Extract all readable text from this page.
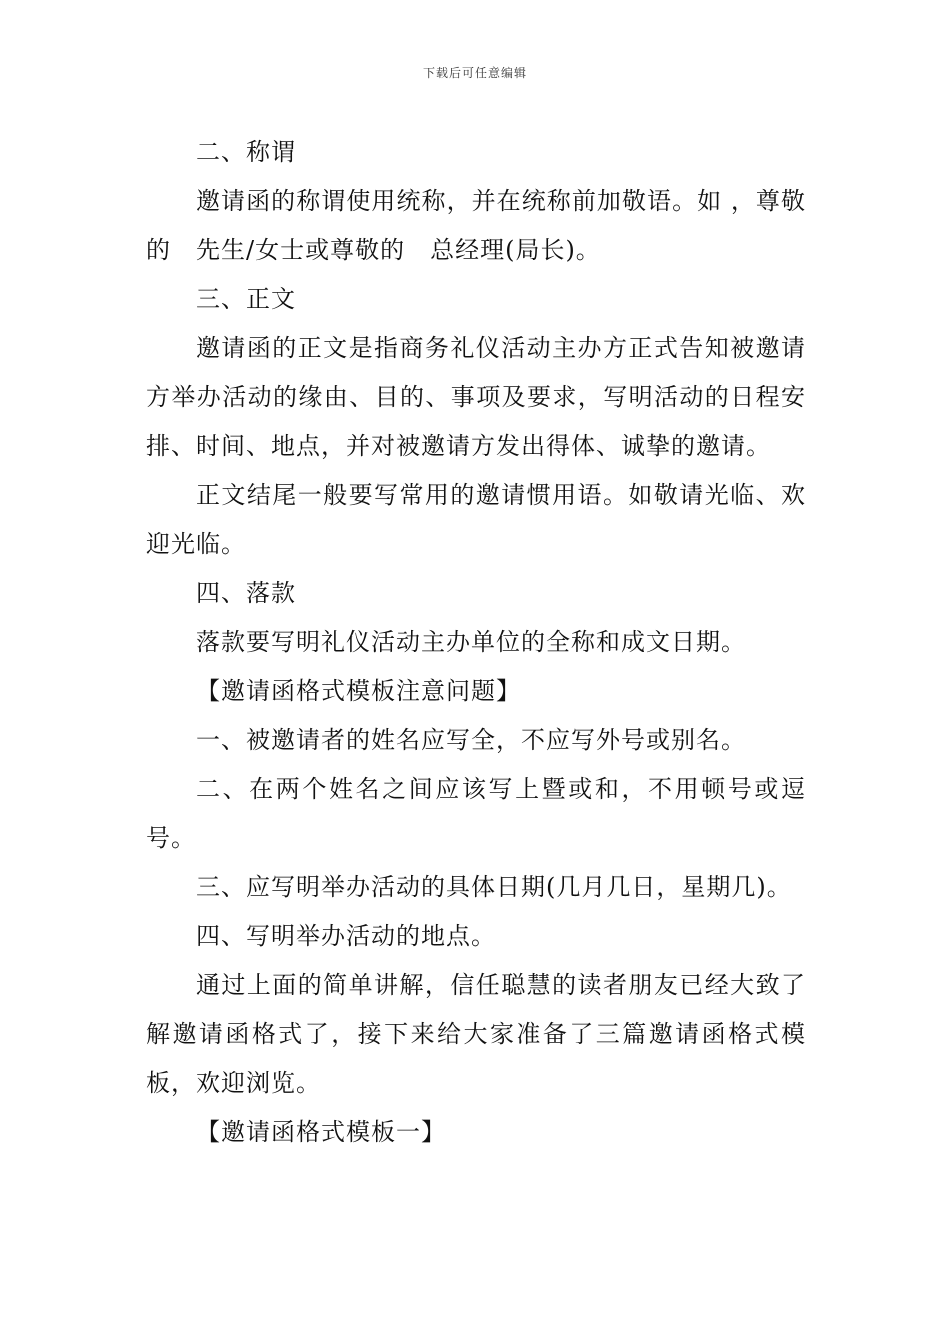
下载后可任意编辑

二、称谓

邀请函的称谓使用统称，并在统称前加敬语。如 ，尊敬的　先生/女士或尊敬的　总经理(局长)。

三、正文

邀请函的正文是指商务礼仪活动主办方正式告知被邀请方举办活动的缘由、目的、事项及要求，写明活动的日程安排、时间、地点，并对被邀请方发出得体、诚挚的邀请。

正文结尾一般要写常用的邀请惯用语。如敬请光临、欢迎光临。

四、落款

落款要写明礼仪活动主办单位的全称和成文日期。

【邀请函格式模板注意问题】

一、被邀请者的姓名应写全，不应写外号或别名。

二、在两个姓名之间应该写上暨或和，不用顿号或逗号。

三、应写明举办活动的具体日期(几月几日，星期几)。

四、写明举办活动的地点。

通过上面的简单讲解，信任聪慧的读者朋友已经大致了解邀请函格式了，接下来给大家准备了三篇邀请函格式模板，欢迎浏览。

【邀请函格式模板一】
